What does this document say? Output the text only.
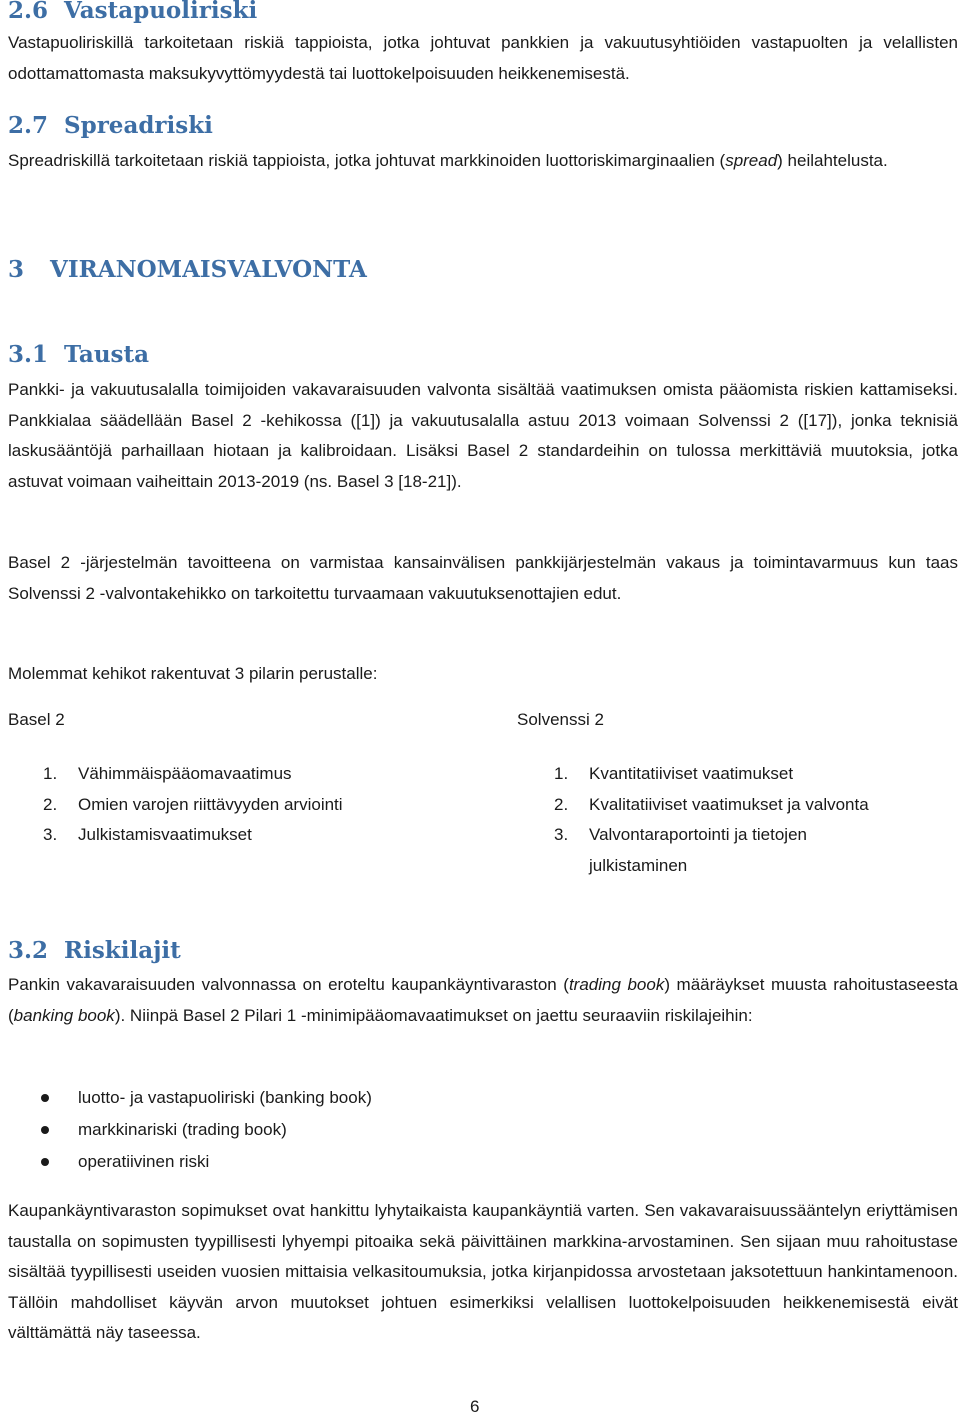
2.6 Vastapuoliriski

Vastapuoliriskillä tarkoitetaan riskiä tappioista, jotka johtuvat pankkien ja vakuutusyhtiöiden vastapuolten ja velallisten odottamattomasta maksukyvyttömyydestä tai luottokelpoisuuden heikkenemisestä.

2.7 Spreadriski

Spreadriskillä tarkoitetaan riskiä tappioista, jotka johtuvat markkinoiden luottoriskimarginaalien (spread) heilahtelusta.

3 VIRANOMAISVALVONTA
3.1 Tausta

Pankki- ja vakuutusalalla toimijoiden vakavaraisuuden valvonta sisältää vaatimuksen omista pääomista riskien kattamiseksi. Pankkialaa säädellään Basel 2 -kehikossa ([1]) ja vakuutusalalla astuu 2013 voimaan Solvenssi 2 ([17]), jonka teknisiä laskusääntöjä parhaillaan hiotaan ja kalibroidaan. Lisäksi Basel 2 standardeihin on tulossa merkittäviä muutoksia, jotka astuvat voimaan vaiheittain 2013-2019 (ns. Basel 3 [18-21]).

Basel 2 -järjestelmän tavoitteena on varmistaa kansainvälisen pankkijärjestelmän vakaus ja toimintavarmuus kun taas Solvenssi 2 -valvontakehikko on tarkoitettu turvaamaan vakuutuksenottajien edut.

Molemmat kehikot rakentuvat 3 pilarin perustalle:

Basel 2	Solvenssi 2
1. Vähimmäispääomavaatimus
2. Omien varojen riittävyyden arviointi
3. Julkistamisvaatimukset
1. Kvantitatiiviset vaatimukset
2. Kvalitatiiviset vaatimukset ja valvonta
3. Valvontaraportointi ja tietojen julkistaminen
3.2 Riskilajit

Pankin vakavaraisuuden valvonnassa on eroteltu kaupankäyntivaraston (trading book) määräykset muusta rahoitustaseesta (banking book). Niinpä Basel 2 Pilari 1 -minimipääomavaatimukset on jaettu seuraaviin riskilajeihin:

luotto- ja vastapuoliriski (banking book)
markkinariski (trading book)
operatiivinen riski

Kaupankäyntivaraston sopimukset ovat hankittu lyhytaikaista kaupankäyntiä varten. Sen vakavaraisuussääntelyn eriyttämisen taustalla on sopimusten tyypillisesti lyhyempi pitoaika sekä päivittäinen markkina-arvostaminen. Sen sijaan muu rahoitustase sisältää tyypillisesti useiden vuosien mittaisia velkasitoumuksia, jotka kirjanpidossa arvostetaan jaksotettuun hankintamenoon. Tällöin mahdolliset käyvän arvon muutokset johtuen esimerkiksi velallisen luottokelpoisuuden heikkenemisestä eivät välttämättä näy taseessa.

6
